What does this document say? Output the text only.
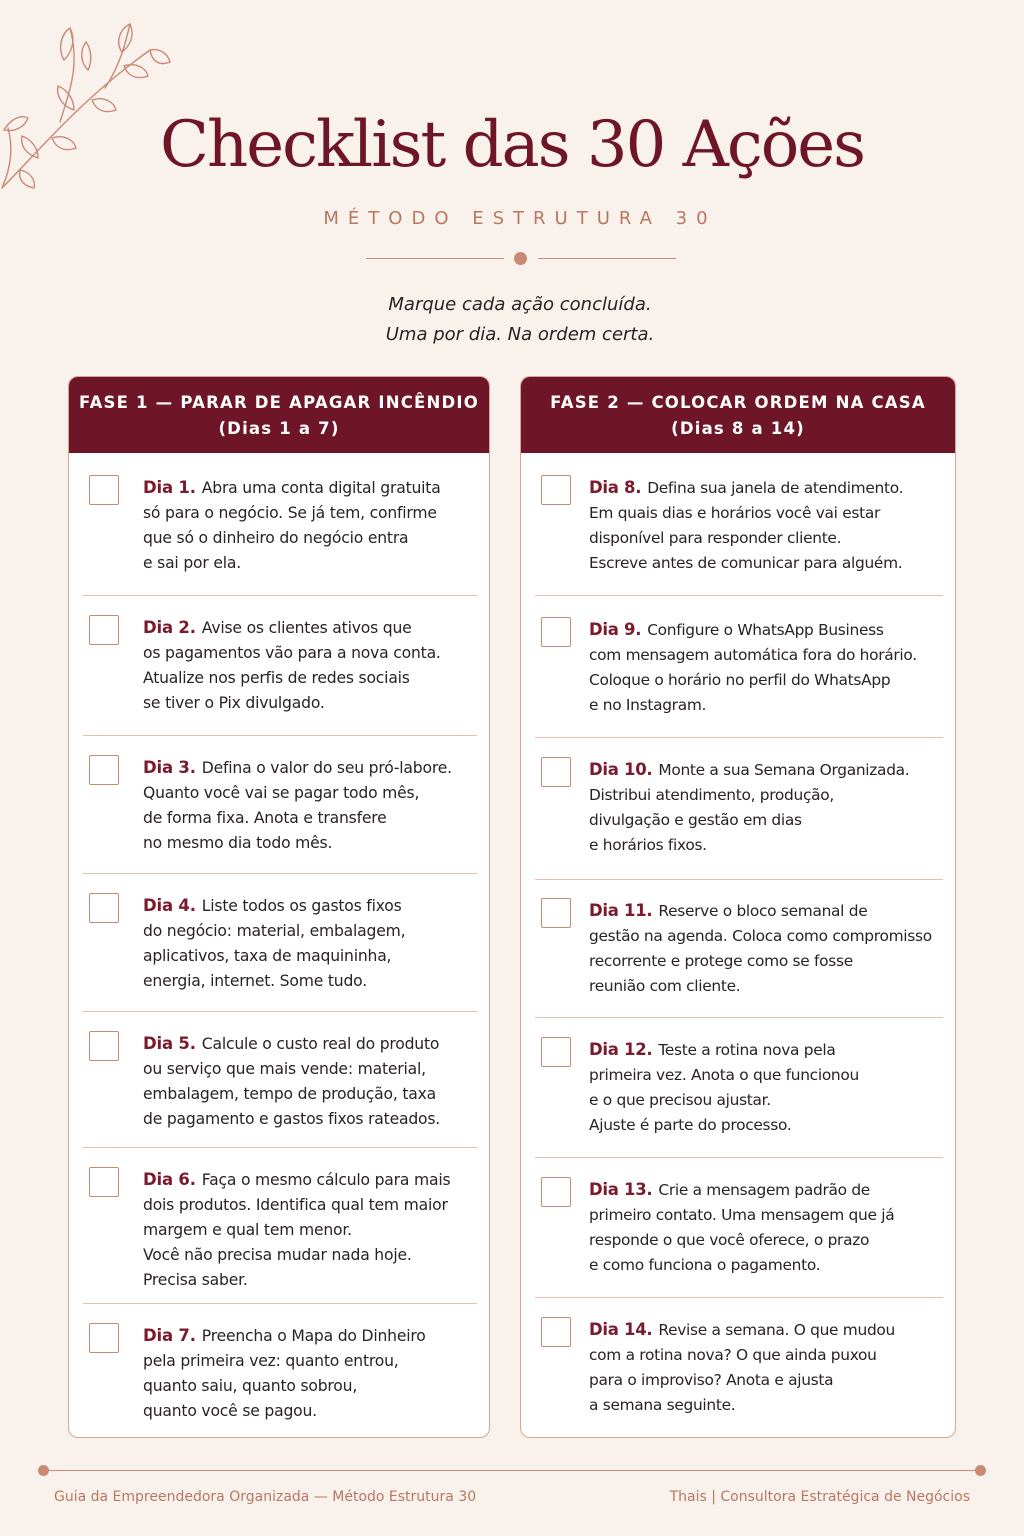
Checklist das 30 Ações
MÉTODO ESTRUTURA 30
Marque cada ação concluída.
Uma por dia. Na ordem certa.
FASE 1 — PARAR DE APAGAR INCÊNDIO
(Dias 1 a 7)
Dia 1. Abra uma conta digital gratuita
só para o negócio. Se já tem, confirme
que só o dinheiro do negócio entra
e sai por ela.
Dia 2. Avise os clientes ativos que
os pagamentos vão para a nova conta.
Atualize nos perfis de redes sociais
se tiver o Pix divulgado.
Dia 3. Defina o valor do seu pró-labore.
Quanto você vai se pagar todo mês,
de forma fixa. Anota e transfere
no mesmo dia todo mês.
Dia 4. Liste todos os gastos fixos
do negócio: material, embalagem,
aplicativos, taxa de maquininha,
energia, internet. Some tudo.
Dia 5. Calcule o custo real do produto
ou serviço que mais vende: material,
embalagem, tempo de produção, taxa
de pagamento e gastos fixos rateados.
Dia 6. Faça o mesmo cálculo para mais
dois produtos. Identifica qual tem maior
margem e qual tem menor.
Você não precisa mudar nada hoje.
Precisa saber.
Dia 7. Preencha o Mapa do Dinheiro
pela primeira vez: quanto entrou,
quanto saiu, quanto sobrou,
quanto você se pagou.
FASE 2 — COLOCAR ORDEM NA CASA
(Dias 8 a 14)
Dia 8. Defina sua janela de atendimento.
Em quais dias e horários você vai estar
disponível para responder cliente.
Escreve antes de comunicar para alguém.
Dia 9. Configure o WhatsApp Business
com mensagem automática fora do horário.
Coloque o horário no perfil do WhatsApp
e no Instagram.
Dia 10. Monte a sua Semana Organizada.
Distribui atendimento, produção,
divulgação e gestão em dias
e horários fixos.
Dia 11. Reserve o bloco semanal de
gestão na agenda. Coloca como compromisso
recorrente e protege como se fosse
reunião com cliente.
Dia 12. Teste a rotina nova pela
primeira vez. Anota o que funcionou
e o que precisou ajustar.
Ajuste é parte do processo.
Dia 13. Crie a mensagem padrão de
primeiro contato. Uma mensagem que já
responde o que você oferece, o prazo
e como funciona o pagamento.
Dia 14. Revise a semana. O que mudou
com a rotina nova? O que ainda puxou
para o improviso? Anota e ajusta
a semana seguinte.
Guia da Empreendedora Organizada — Método Estrutura 30	Thais | Consultora Estratégica de Negócios
